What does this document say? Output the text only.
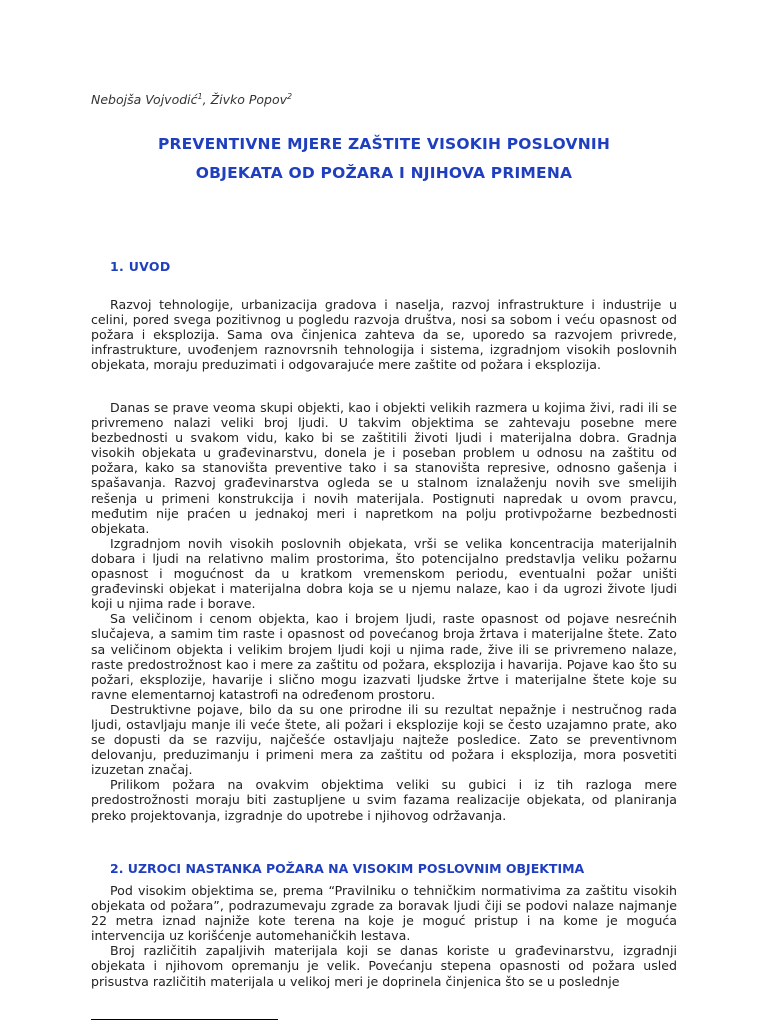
Nebojša Vojvodić$^1$, Živko Popov$^2$
PREVENTIVNE MJERE ZAŠTITE VISOKIH POSLOVNIH
OBJEKATA OD POŽARA I NJIHOVA PRIMENA
1. UVOD

Razvoj tehnologije, urbanizacija gradova i naselja, razvoj infrastrukture i industrije u celini, pored svega pozitivnog u pogledu razvoja društva, nosi sa sobom i veću opasnost od požara i eksplozija. Sama ova činjenica zahteva da se, uporedo sa razvojem privrede, infrastrukture, uvođenjem raznovrsnih tehnologija i sistema, izgradnjom visokih poslovnih objekata, moraju preduzimati i odgovarajuće mere zaštite od požara i eksplozija.

Danas se prave veoma skupi objekti, kao i objekti velikih razmera u kojima živi, radi ili se privremeno nalazi veliki broj ljudi. U takvim objektima se zahtevaju posebne mere bezbednosti u svakom vidu, kako bi se zaštitili životi ljudi i materijalna dobra. Gradnja visokih objekata u građevinarstvu, donela je i poseban problem u odnosu na zaštitu od požara, kako sa stanovišta preventive tako i sa stanovišta represive, odnosno gašenja i spašavanja. Razvoj građevinarstva ogleda se u stalnom iznalaženju novih sve smelijih rešenja u primeni konstrukcija i novih materijala. Postignuti napredak u ovom pravcu, međutim nije praćen u jednakoj meri i napretkom na polju protivpožarne bezbednosti objekata.

Izgradnjom novih visokih poslovnih objekata, vrši se velika koncentracija materijalnih dobara i ljudi na relativno malim prostorima, što potencijalno predstavlja veliku požarnu opasnost i mogućnost da u kratkom vremenskom periodu, eventualni požar uništi građevinski objekat i materijalna dobra koja se u njemu nalaze, kao i da ugrozi živote ljudi koji u njima rade i borave.

Sa veličinom i cenom objekta, kao i brojem ljudi, raste opasnost od pojave nesrećnih slučajeva, a samim tim raste i opasnost od povećanog broja žrtava i materijalne štete. Zato sa veličinom objekta i velikim brojem ljudi koji u njima rade, žive ili se privremeno nalaze, raste predostrožnost kao i mere za zaštitu od požara, eksplozija i havarija. Pojave kao što su požari, eksplozije, havarije i slično mogu izazvati ljudske žrtve i materijalne štete koje su ravne elementarnoj katastrofi na određenom prostoru.

Destruktivne pojave, bilo da su one prirodne ili su rezultat nepažnje i nestručnog rada ljudi, ostavljaju manje ili veće štete, ali požari i eksplozije koji se često uzajamno prate, ako se dopusti da se razviju, najčešće ostavljaju najteže posledice. Zato se preventivnom delovanju, preduzimanju i primeni mera za zaštitu od požara i eksplozija, mora posvetiti izuzetan značaj.

Prilikom požara na ovakvim objektima veliki su gubici i iz tih razloga mere predostrožnosti moraju biti zastupljene u svim fazama realizacije objekata, od planiranja preko projektovanja, izgradnje do upotrebe i njihovog održavanja.

2. UZROCI NASTANKA POŽARA NA VISOKIM POSLOVNIM OBJEKTIMA

Pod visokim objektima se, prema “Pravilniku o tehničkim normativima za zaštitu visokih objekata od požara”, podrazumevaju zgrade za boravak ljudi čiji se podovi nalaze najmanje 22 metra iznad najniže kote terena na koje je moguć pristup i na kome je moguća intervencija uz korišćenje automehaničkih lestava.

Broj različitih zapaljivih materijala koji se danas koriste u građevinarstvu, izgradnji objekata i njihovom opremanju je velik. Povećanju stepena opasnosti od požara usled prisustva različitih materijala u velikoj meri je doprinela činjenica što se u poslednje
